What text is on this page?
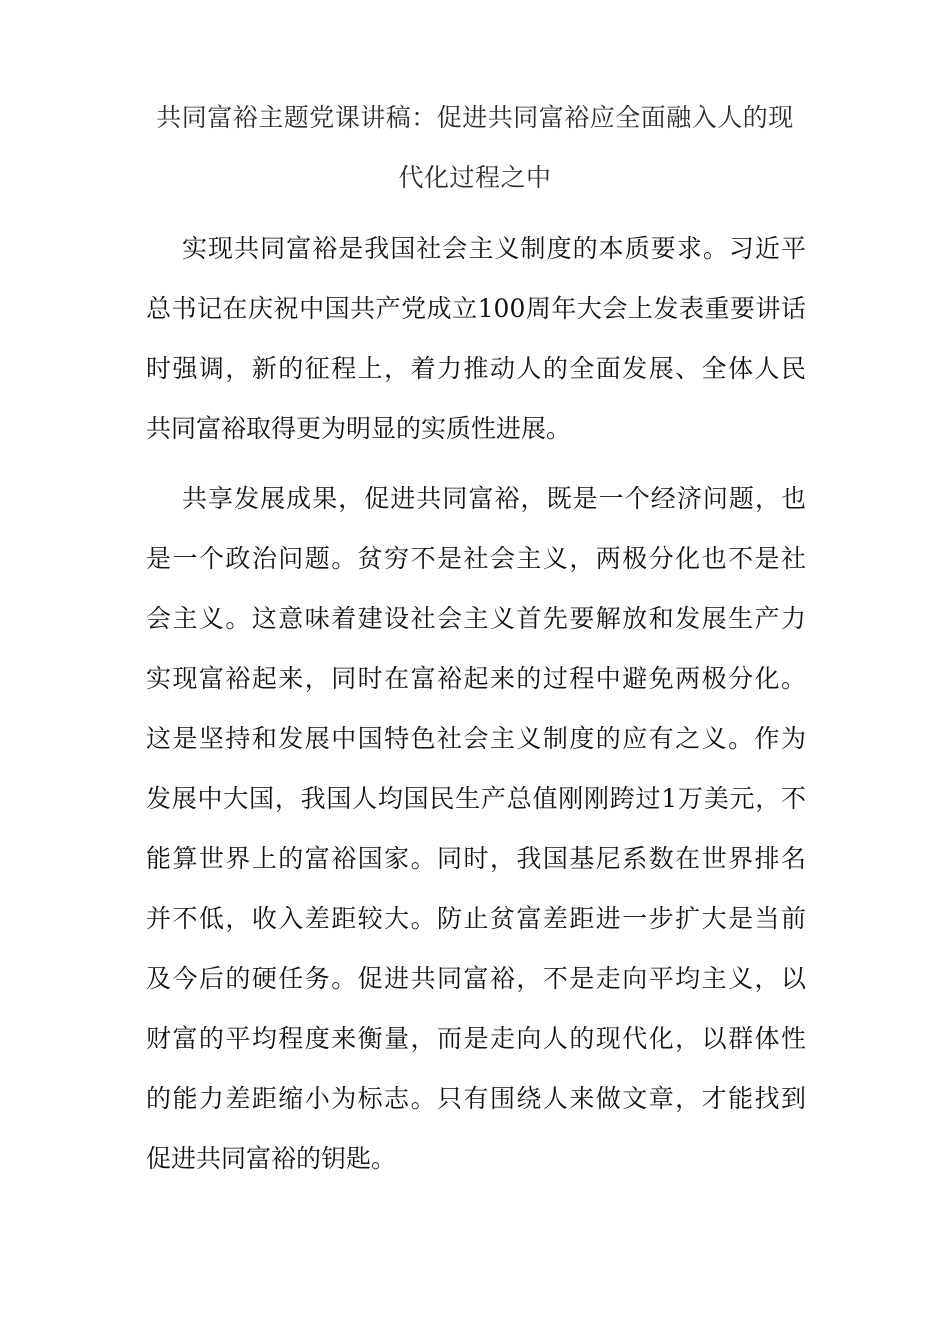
共同富裕主题党课讲稿：促进共同富裕应全面融入人的现
代化过程之中
实现共同富裕是我国社会主义制度的本质要求。习近平
总书记在庆祝中国共产党成立100周年大会上发表重要讲话
时强调，新的征程上，着力推动人的全面发展、全体人民
共同富裕取得更为明显的实质性进展。
共享发展成果，促进共同富裕，既是一个经济问题，也
是一个政治问题。贫穷不是社会主义，两极分化也不是社
会主义。这意味着建设社会主义首先要解放和发展生产力
实现富裕起来，同时在富裕起来的过程中避免两极分化。
这是坚持和发展中国特色社会主义制度的应有之义。作为
发展中大国，我国人均国民生产总值刚刚跨过1万美元，不
能算世界上的富裕国家。同时，我国基尼系数在世界排名
并不低，收入差距较大。防止贫富差距进一步扩大是当前
及今后的硬任务。促进共同富裕，不是走向平均主义，以
财富的平均程度来衡量，而是走向人的现代化，以群体性
的能力差距缩小为标志。只有围绕人来做文章，才能找到
促进共同富裕的钥匙。
